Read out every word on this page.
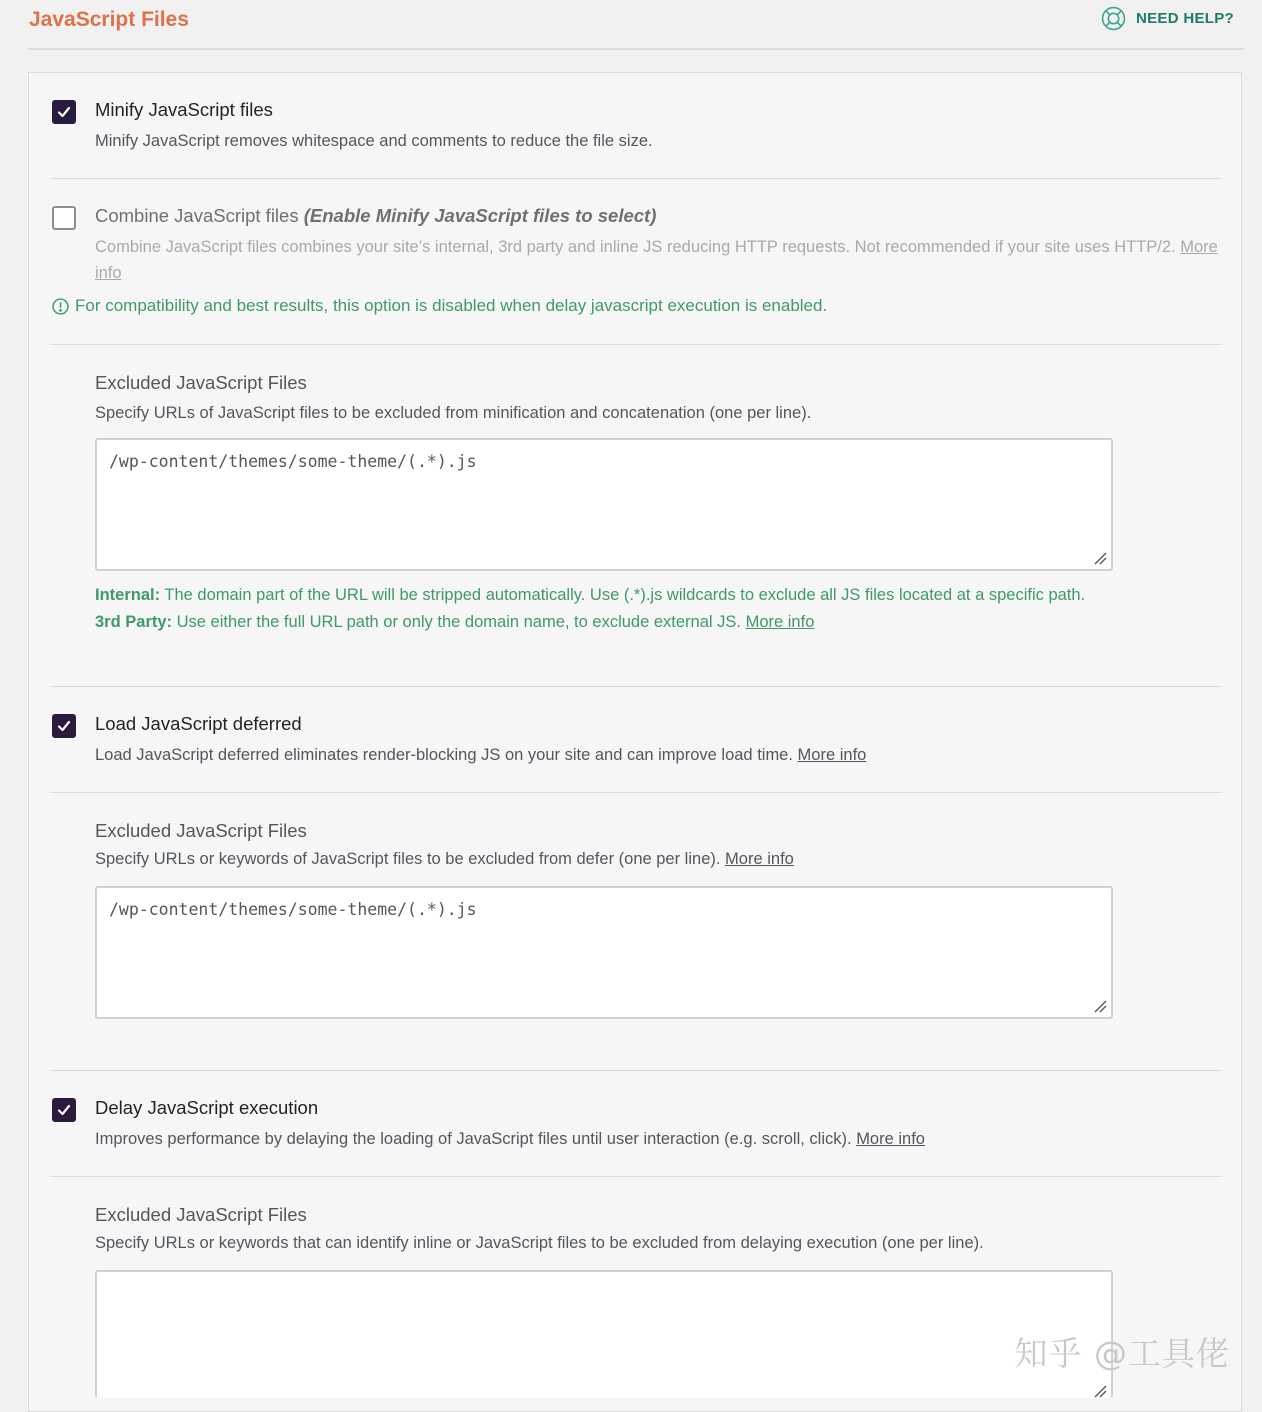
JavaScript Files	NEED HELP?
Minify JavaScript files
Minify JavaScript removes whitespace and comments to reduce the file size.
Combine JavaScript files (Enable Minify JavaScript files to select)
Combine JavaScript files combines your site’s internal, 3rd party and inline JS reducing HTTP requests. Not recommended if your site uses HTTP/2. More info
For compatibility and best results, this option is disabled when delay javascript execution is enabled.
Excluded JavaScript Files
Specify URLs of JavaScript files to be excluded from minification and concatenation (one per line).
/wp-content/themes/some-theme/(.*).js
Internal: The domain part of the URL will be stripped automatically. Use (.*).js wildcards to exclude all JS files located at a specific path.
3rd Party: Use either the full URL path or only the domain name, to exclude external JS. More info
Load JavaScript deferred
Load JavaScript deferred eliminates render-blocking JS on your site and can improve load time. More info
Excluded JavaScript Files
Specify URLs or keywords of JavaScript files to be excluded from defer (one per line). More info
/wp-content/themes/some-theme/(.*).js
Delay JavaScript execution
Improves performance by delaying the loading of JavaScript files until user interaction (e.g. scroll, click). More info
Excluded JavaScript Files
Specify URLs or keywords that can identify inline or JavaScript files to be excluded from delaying execution (one per line).
知乎 @工具佬
